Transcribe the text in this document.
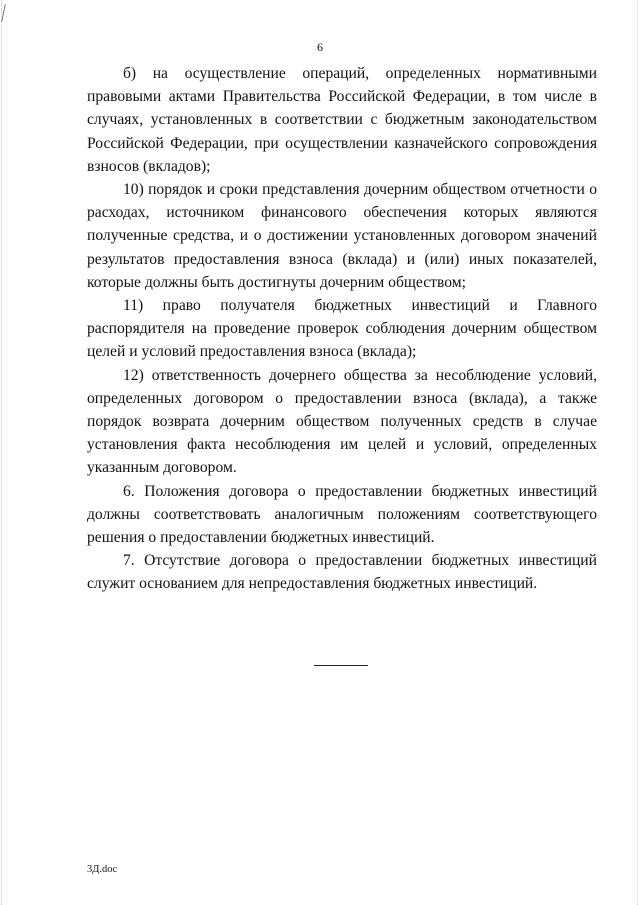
6

б) на осуществление операций, определенных нормативными правовыми актами Правительства Российской Федерации, в том числе в случаях, установленных в соответствии с бюджетным законодательством Российской Федерации, при осуществлении казначейского сопровождения взносов (вкладов);

10) порядок и сроки представления дочерним обществом отчетности о расходах, источником финансового обеспечения которых являются полученные средства, и о достижении установленных договором значений результатов предоставления взноса (вклада) и (или) иных показателей, которые должны быть достигнуты дочерним обществом;

11) право получателя бюджетных инвестиций и Главного распорядителя на проведение проверок соблюдения дочерним обществом целей и условий предоставления взноса (вклада);

12) ответственность дочернего общества за несоблюдение условий, определенных договором о предоставлении взноса (вклада), а также порядок возврата дочерним обществом полученных средств в случае установления факта несоблюдения им целей и условий, определенных указанным договором.

6. Положения договора о предоставлении бюджетных инвестиций должны соответствовать аналогичным положениям соответствующего решения о предоставлении бюджетных инвестиций.

7. Отсутствие договора о предоставлении бюджетных инвестиций служит основанием для непредоставления бюджетных инвестиций.

3Д.doc
